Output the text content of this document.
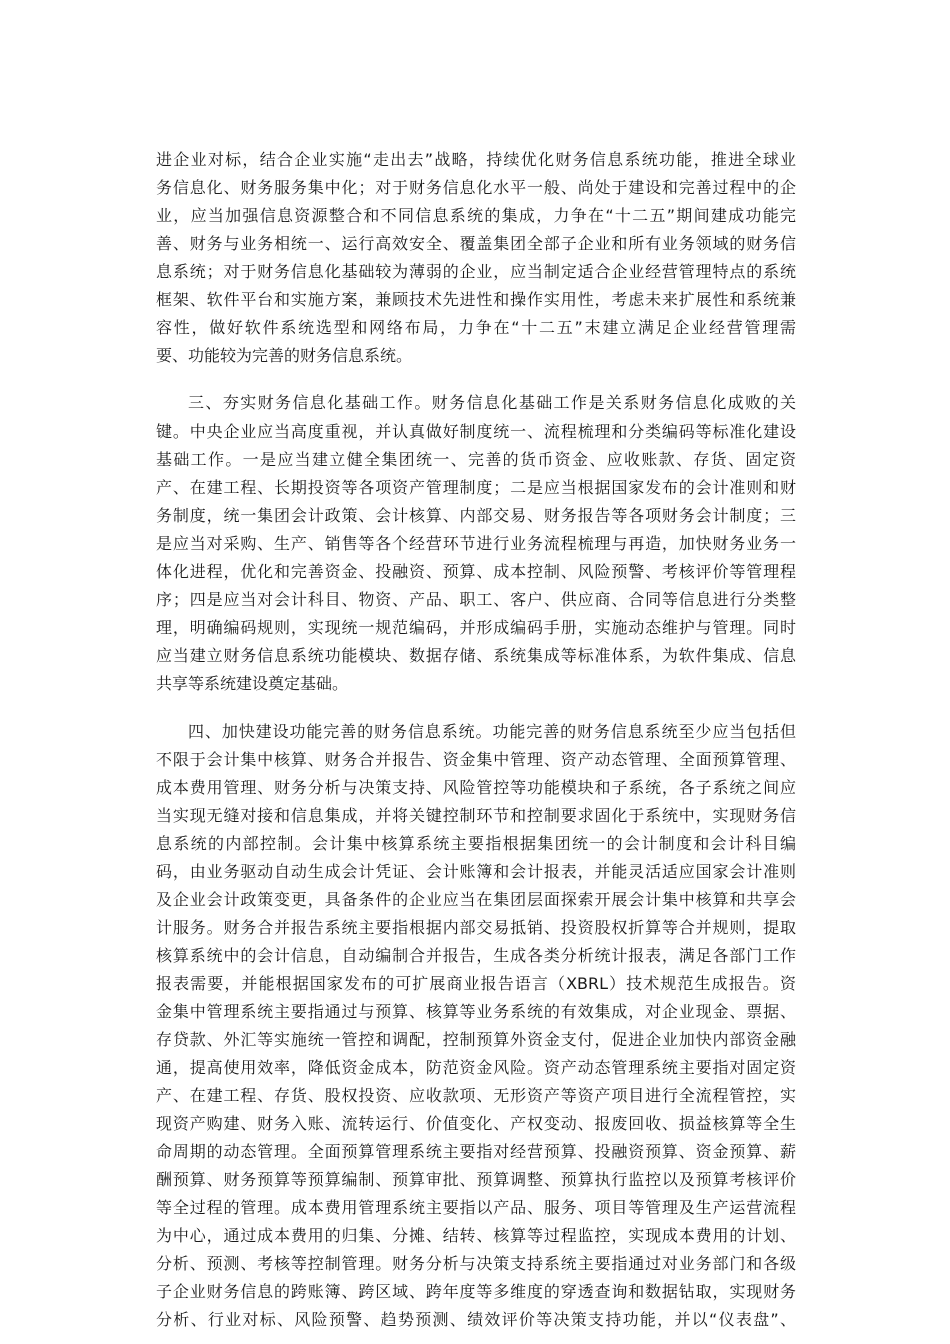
进企业对标，结合企业实施“走出去”战略，持续优化财务信息系统功能，推进全球业
务信息化、财务服务集中化；对于财务信息化水平一般、尚处于建设和完善过程中的企
业，应当加强信息资源整合和不同信息系统的集成，力争在“十二五”期间建成功能完
善、财务与业务相统一、运行高效安全、覆盖集团全部子企业和所有业务领域的财务信
息系统；对于财务信息化基础较为薄弱的企业，应当制定适合企业经营管理特点的系统
框架、软件平台和实施方案，兼顾技术先进性和操作实用性，考虑未来扩展性和系统兼
容性，做好软件系统选型和网络布局，力争在“十二五”末建立满足企业经营管理需
要、功能较为完善的财务信息系统。
三、夯实财务信息化基础工作。财务信息化基础工作是关系财务信息化成败的关
键。中央企业应当高度重视，并认真做好制度统一、流程梳理和分类编码等标准化建设
基础工作。一是应当建立健全集团统一、完善的货币资金、应收账款、存货、固定资
产、在建工程、长期投资等各项资产管理制度；二是应当根据国家发布的会计准则和财
务制度，统一集团会计政策、会计核算、内部交易、财务报告等各项财务会计制度；三
是应当对采购、生产、销售等各个经营环节进行业务流程梳理与再造，加快财务业务一
体化进程，优化和完善资金、投融资、预算、成本控制、风险预警、考核评价等管理程
序；四是应当对会计科目、物资、产品、职工、客户、供应商、合同等信息进行分类整
理，明确编码规则，实现统一规范编码，并形成编码手册，实施动态维护与管理。同时
应当建立财务信息系统功能模块、数据存储、系统集成等标准体系，为软件集成、信息
共享等系统建设奠定基础。
四、加快建设功能完善的财务信息系统。功能完善的财务信息系统至少应当包括但
不限于会计集中核算、财务合并报告、资金集中管理、资产动态管理、全面预算管理、
成本费用管理、财务分析与决策支持、风险管控等功能模块和子系统，各子系统之间应
当实现无缝对接和信息集成，并将关键控制环节和控制要求固化于系统中，实现财务信
息系统的内部控制。会计集中核算系统主要指根据集团统一的会计制度和会计科目编
码，由业务驱动自动生成会计凭证、会计账簿和会计报表，并能灵活适应国家会计准则
及企业会计政策变更，具备条件的企业应当在集团层面探索开展会计集中核算和共享会
计服务。财务合并报告系统主要指根据内部交易抵销、投资股权折算等合并规则，提取
核算系统中的会计信息，自动编制合并报告，生成各类分析统计报表，满足各部门工作
报表需要，并能根据国家发布的可扩展商业报告语言（XBRL）技术规范生成报告。资
金集中管理系统主要指通过与预算、核算等业务系统的有效集成，对企业现金、票据、
存贷款、外汇等实施统一管控和调配，控制预算外资金支付，促进企业加快内部资金融
通，提高使用效率，降低资金成本，防范资金风险。资产动态管理系统主要指对固定资
产、在建工程、存货、股权投资、应收款项、无形资产等资产项目进行全流程管控，实
现资产购建、财务入账、流转运行、价值变化、产权变动、报废回收、损益核算等全生
命周期的动态管理。全面预算管理系统主要指对经营预算、投融资预算、资金预算、薪
酬预算、财务预算等预算编制、预算审批、预算调整、预算执行监控以及预算考核评价
等全过程的管理。成本费用管理系统主要指以产品、服务、项目等管理及生产运营流程
为中心，通过成本费用的归集、分摊、结转、核算等过程监控，实现成本费用的计划、
分析、预测、考核等控制管理。财务分析与决策支持系统主要指通过对业务部门和各级
子企业财务信息的跨账簿、跨区域、跨年度等多维度的穿透查询和数据钻取，实现财务
分析、行业对标、风险预警、趋势预测、绩效评价等决策支持功能，并以“仪表盘”、
